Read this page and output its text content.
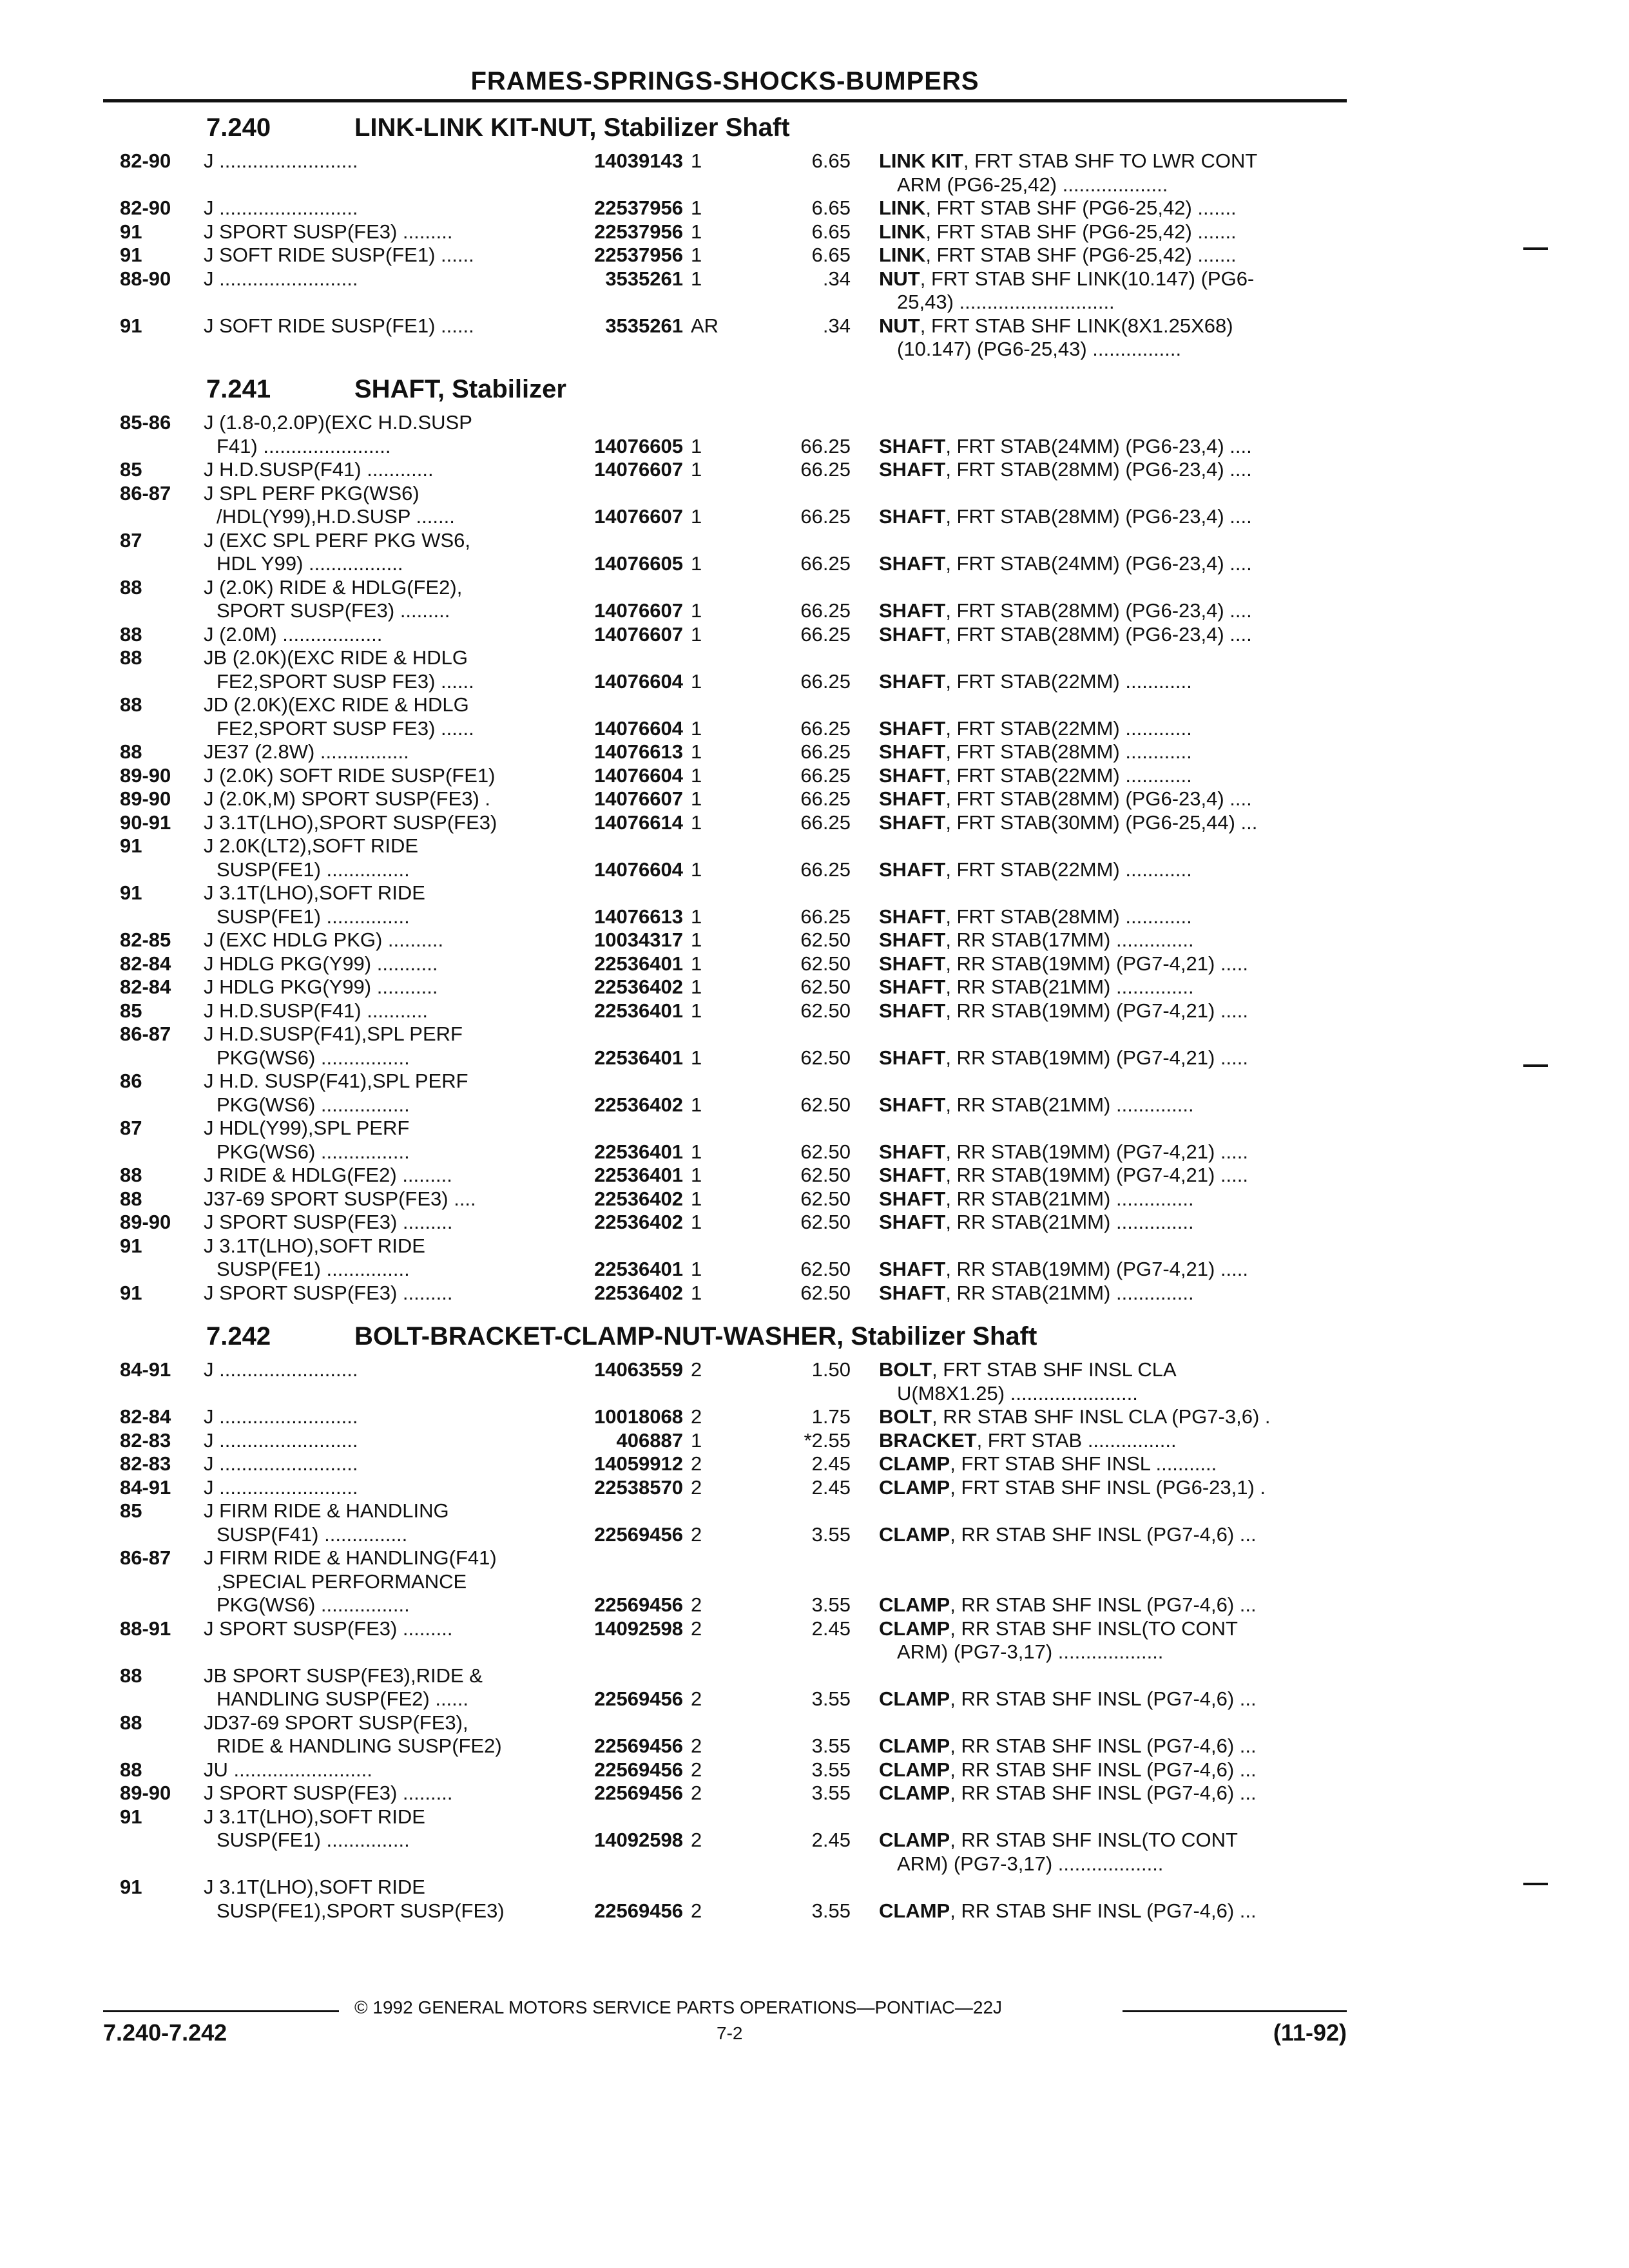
FRAMES-SPRINGS-SHOCKS-BUMPERS
7.240	LINK-LINK KIT-NUT, Stabilizer Shaft
82-90 J .........................	14039143 1	6.65 LINK KIT, FRT STAB SHF TO LWR CONT
ARM (PG6-25,42) ...................
82-90 J .........................	22537956 1	6.65 LINK, FRT STAB SHF (PG6-25,42) .......
91	J SPORT SUSP(FE3) .........	22537956 1	6.65 LINK, FRT STAB SHF (PG6-25,42) .......
91	J SOFT RIDE SUSP(FE1) ......	22537956 1	6.65 LINK, FRT STAB SHF (PG6-25,42) .......
88-90 J .........................	3535261 1	.34 NUT, FRT STAB SHF LINK(10.147) (PG6-
25,43) ............................
91	J SOFT RIDE SUSP(FE1) ......	3535261 AR	.34 NUT, FRT STAB SHF LINK(8X1.25X68)
(10.147) (PG6-25,43) ................
7.241	SHAFT, Stabilizer
85-86 J (1.8-0,2.0P)(EXC H.D.SUSP
F41) .......................	14076605 1	66.25 SHAFT, FRT STAB(24MM) (PG6-23,4) ....
85	J H.D.SUSP(F41) ............	14076607 1	66.25 SHAFT, FRT STAB(28MM) (PG6-23,4) ....
86-87 J SPL PERF PKG(WS6)
/HDL(Y99),H.D.SUSP .......	14076607 1	66.25 SHAFT, FRT STAB(28MM) (PG6-23,4) ....
87	J (EXC SPL PERF PKG WS6,
HDL Y99) .................	14076605 1	66.25 SHAFT, FRT STAB(24MM) (PG6-23,4) ....
88	J (2.0K) RIDE & HDLG(FE2),
SPORT SUSP(FE3) .........	14076607 1	66.25 SHAFT, FRT STAB(28MM) (PG6-23,4) ....
88	J (2.0M) ..................	14076607 1	66.25 SHAFT, FRT STAB(28MM) (PG6-23,4) ....
88	JB (2.0K)(EXC RIDE & HDLG
FE2,SPORT SUSP FE3) ......	14076604 1	66.25 SHAFT, FRT STAB(22MM) ............
88	JD (2.0K)(EXC RIDE & HDLG
FE2,SPORT SUSP FE3) ......	14076604 1	66.25 SHAFT, FRT STAB(22MM) ............
88	JE37 (2.8W) ................	14076613 1	66.25 SHAFT, FRT STAB(28MM) ............
89-90 J (2.0K) SOFT RIDE SUSP(FE1)	14076604 1	66.25 SHAFT, FRT STAB(22MM) ............
89-90 J (2.0K,M) SPORT SUSP(FE3) .	14076607 1	66.25 SHAFT, FRT STAB(28MM) (PG6-23,4) ....
90-91 J 3.1T(LHO),SPORT SUSP(FE3)	14076614 1	66.25 SHAFT, FRT STAB(30MM) (PG6-25,44) ...
91	J 2.0K(LT2),SOFT RIDE
SUSP(FE1) ...............	14076604 1	66.25 SHAFT, FRT STAB(22MM) ............
91	J 3.1T(LHO),SOFT RIDE
SUSP(FE1) ...............	14076613 1	66.25 SHAFT, FRT STAB(28MM) ............
82-85 J (EXC HDLG PKG) ..........	10034317 1	62.50 SHAFT, RR STAB(17MM) ..............
82-84 J HDLG PKG(Y99) ...........	22536401 1	62.50 SHAFT, RR STAB(19MM) (PG7-4,21) .....
82-84 J HDLG PKG(Y99) ...........	22536402 1	62.50 SHAFT, RR STAB(21MM) ..............
85	J H.D.SUSP(F41) ...........	22536401 1	62.50 SHAFT, RR STAB(19MM) (PG7-4,21) .....
86-87 J H.D.SUSP(F41),SPL PERF
PKG(WS6) ................	22536401 1	62.50 SHAFT, RR STAB(19MM) (PG7-4,21) .....
86	J H.D. SUSP(F41),SPL PERF
PKG(WS6) ................	22536402 1	62.50 SHAFT, RR STAB(21MM) ..............
87	J HDL(Y99),SPL PERF
PKG(WS6) ................	22536401 1	62.50 SHAFT, RR STAB(19MM) (PG7-4,21) .....
88	J RIDE & HDLG(FE2) .........	22536401 1	62.50 SHAFT, RR STAB(19MM) (PG7-4,21) .....
88	J37-69 SPORT SUSP(FE3) ....	22536402 1	62.50 SHAFT, RR STAB(21MM) ..............
89-90 J SPORT SUSP(FE3) .........	22536402 1	62.50 SHAFT, RR STAB(21MM) ..............
91	J 3.1T(LHO),SOFT RIDE
SUSP(FE1) ...............	22536401 1	62.50 SHAFT, RR STAB(19MM) (PG7-4,21) .....
91	J SPORT SUSP(FE3) .........	22536402 1	62.50 SHAFT, RR STAB(21MM) ..............
7.242	BOLT-BRACKET-CLAMP-NUT-WASHER, Stabilizer Shaft
84-91 J .........................	14063559 2	1.50 BOLT, FRT STAB SHF INSL CLA
U(M8X1.25) .......................
82-84 J .........................	10018068 2	1.75 BOLT, RR STAB SHF INSL CLA (PG7-3,6) .
82-83 J .........................	406887 1	*2.55 BRACKET, FRT STAB ................
82-83 J .........................	14059912 2	2.45 CLAMP, FRT STAB SHF INSL ...........
84-91 J .........................	22538570 2	2.45 CLAMP, FRT STAB SHF INSL (PG6-23,1) .
85	J FIRM RIDE & HANDLING
SUSP(F41) ...............	22569456 2	3.55 CLAMP, RR STAB SHF INSL (PG7-4,6) ...
86-87 J FIRM RIDE & HANDLING(F41)
,SPECIAL PERFORMANCE
PKG(WS6) ................	22569456 2	3.55 CLAMP, RR STAB SHF INSL (PG7-4,6) ...
88-91 J SPORT SUSP(FE3) .........	14092598 2	2.45 CLAMP, RR STAB SHF INSL(TO CONT
ARM) (PG7-3,17) ...................
88	JB SPORT SUSP(FE3),RIDE &
HANDLING SUSP(FE2) ......	22569456 2	3.55 CLAMP, RR STAB SHF INSL (PG7-4,6) ...
88	JD37-69 SPORT SUSP(FE3),
RIDE & HANDLING SUSP(FE2)	22569456 2	3.55 CLAMP, RR STAB SHF INSL (PG7-4,6) ...
88	JU .........................	22569456 2	3.55 CLAMP, RR STAB SHF INSL (PG7-4,6) ...
89-90 J SPORT SUSP(FE3) .........	22569456 2	3.55 CLAMP, RR STAB SHF INSL (PG7-4,6) ...
91	J 3.1T(LHO),SOFT RIDE
SUSP(FE1) ...............	14092598 2	2.45 CLAMP, RR STAB SHF INSL(TO CONT
ARM) (PG7-3,17) ...................
91	J 3.1T(LHO),SOFT RIDE
SUSP(FE1),SPORT SUSP(FE3)	22569456 2	3.55 CLAMP, RR STAB SHF INSL (PG7-4,6) ...
© 1992 GENERAL MOTORS SERVICE PARTS OPERATIONS—PONTIAC—22J
7.240-7.242	7-2	(11-92)
